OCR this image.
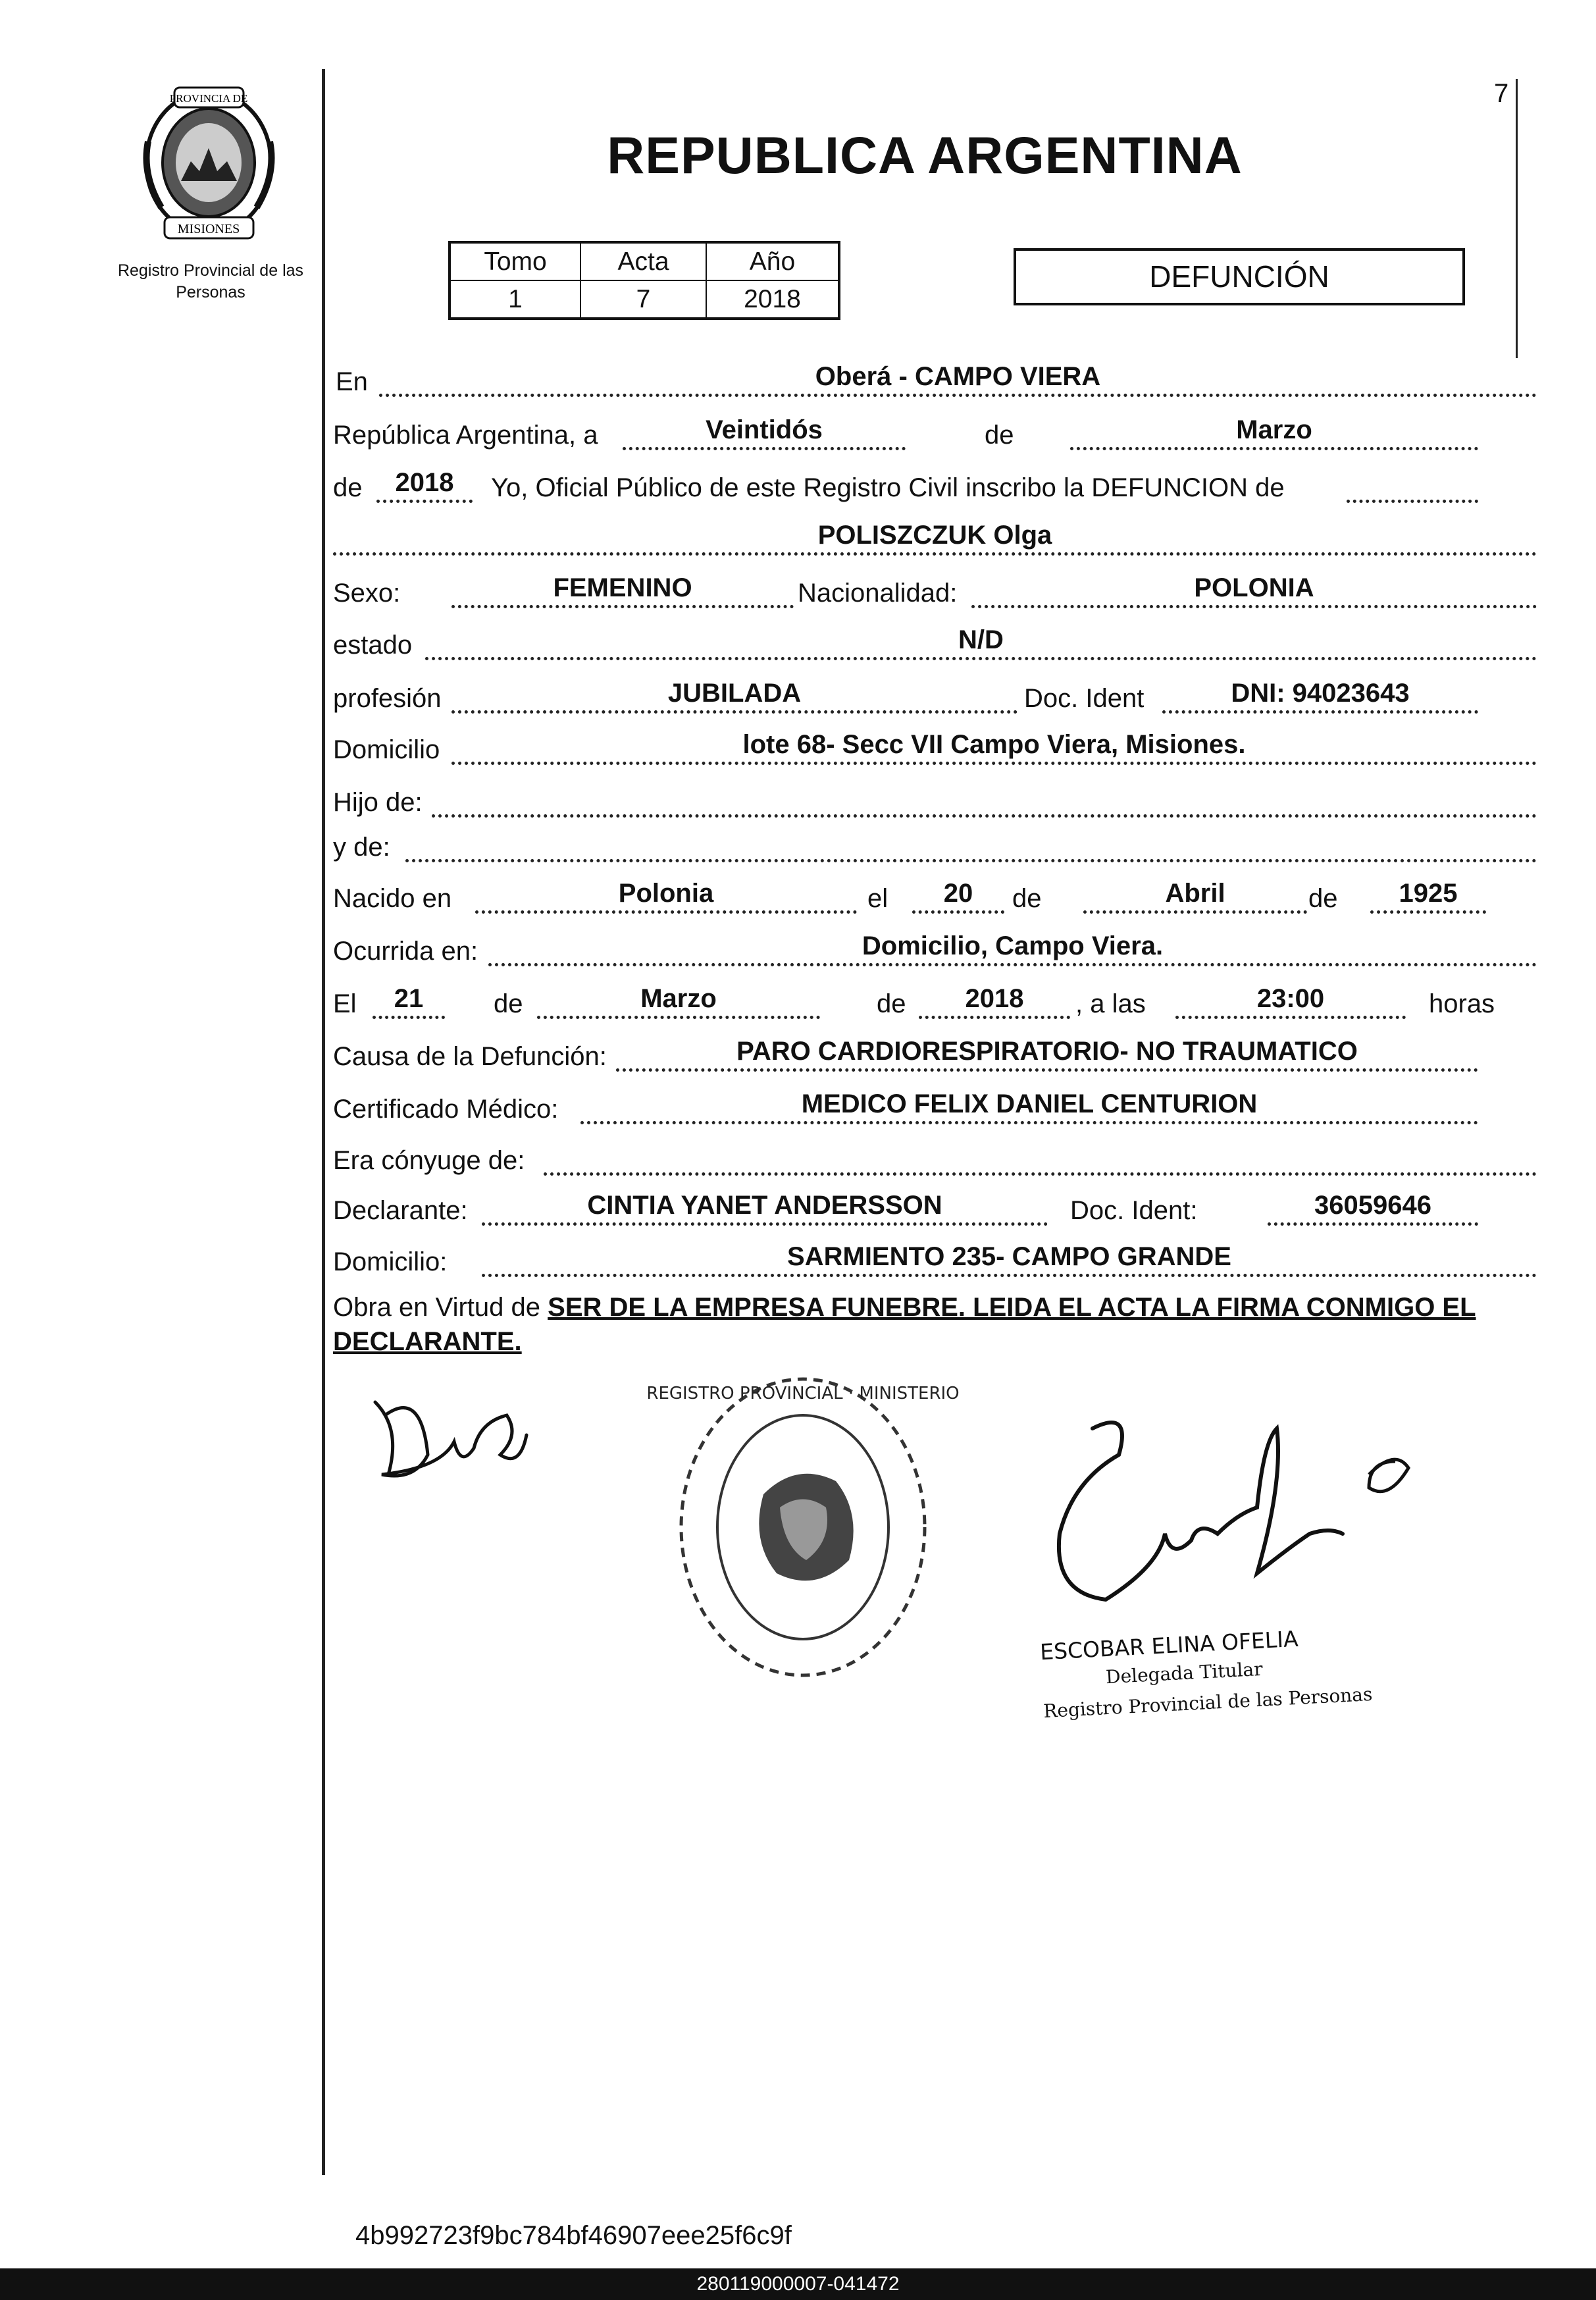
PROVINCIA DE
MISIONES
Registro Provincial de las Personas
7
REPUBLICA ARGENTINA
Tomo	Acta	Año
1	7	2018
DEFUNCIÓN
En	Oberá - CAMPO VIERA
República Argentina, a	Veintidós	de	Marzo
de	2018	Yo, Oficial Público de este Registro Civil inscribo la DEFUNCION de
POLISZCZUK Olga
Sexo:	FEMENINO	Nacionalidad:	POLONIA
estado	N/D
profesión	JUBILADA	Doc. Ident	DNI: 94023643
Domicilio	lote 68- Secc VII Campo Viera, Misiones.
Hijo de:
y de:
Nacido en	Polonia	el	20	de	Abril	de	1925
Ocurrida en:	Domicilio, Campo Viera.
El	21	de	Marzo	de	2018	, a las	23:00	horas
Causa de la Defunción:	PARO CARDIORESPIRATORIO- NO TRAUMATICO
Certificado Médico:	MEDICO FELIX DANIEL CENTURION
Era cónyuge de:
Declarante:	CINTIA YANET ANDERSSON	Doc. Ident:	36059646
Domicilio:	SARMIENTO 235- CAMPO GRANDE
Obra en Virtud de SER DE LA EMPRESA FUNEBRE. LEIDA EL ACTA LA FIRMA CONMIGO EL DECLARANTE.
REGISTRO PROVINCIAL · MINISTERIO
ESCOBAR ELINA OFELIA
Delegada Titular
Registro Provincial de las Personas
4b992723f9bc784bf46907eee25f6c9f
280119000007-041472
